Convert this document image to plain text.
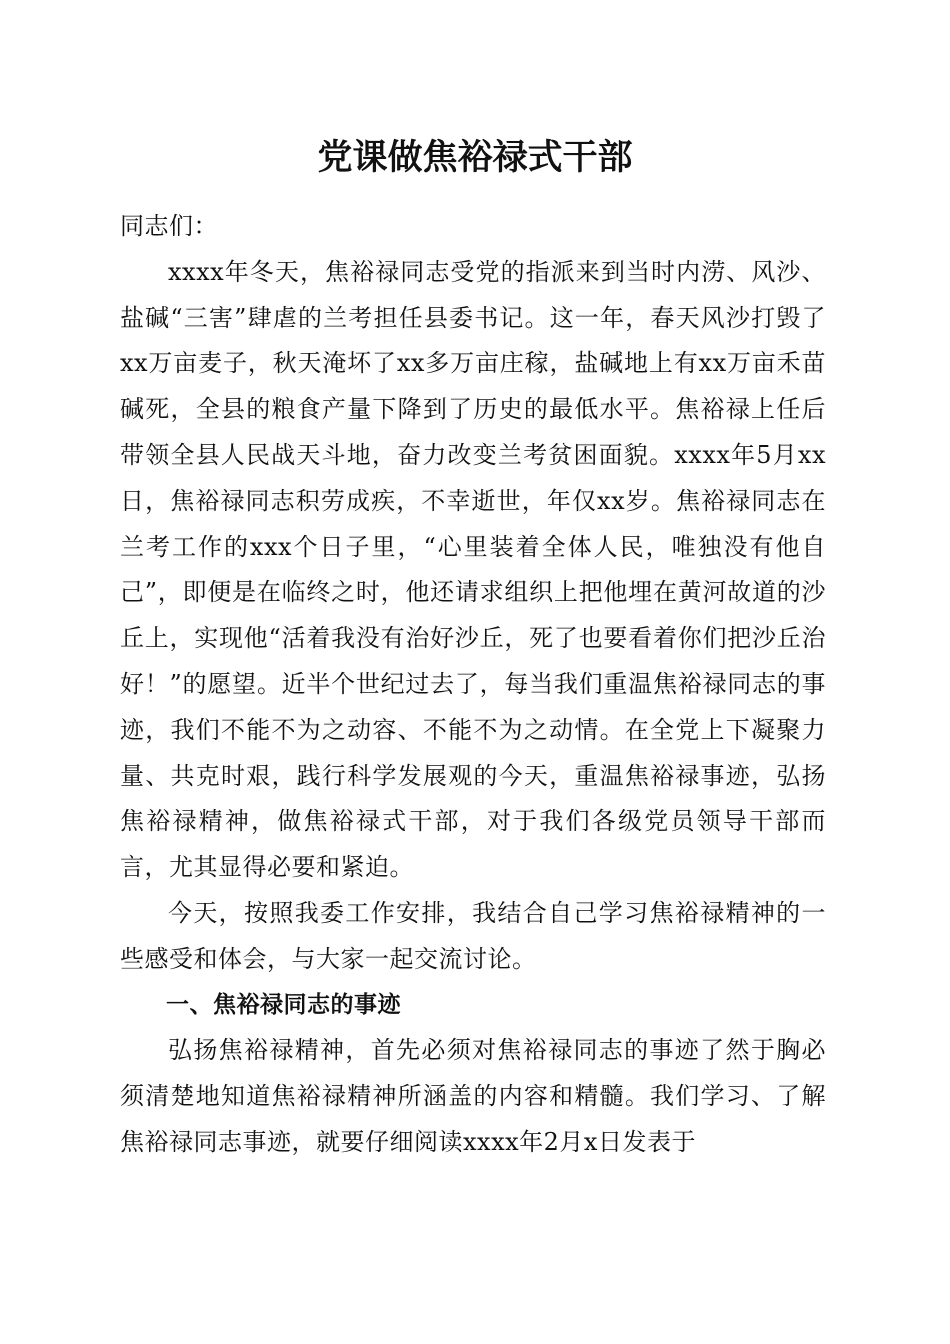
党课做焦裕禄式干部

同志们：

xxxx年冬天，焦裕禄同志受党的指派来到当时内涝、风沙、盐碱“三害”肆虐的兰考担任县委书记。这一年，春天风沙打毁了xx万亩麦子，秋天淹坏了xx多万亩庄稼，盐碱地上有xx万亩禾苗碱死，全县的粮食产量下降到了历史的最低水平。焦裕禄上任后带领全县人民战天斗地，奋力改变兰考贫困面貌。xxxx年5月xx日，焦裕禄同志积劳成疾，不幸逝世，年仅xx岁。焦裕禄同志在兰考工作的xxx个日子里，“心里装着全体人民，唯独没有他自己”，即便是在临终之时，他还请求组织上把他埋在黄河故道的沙丘上，实现他“活着我没有治好沙丘，死了也要看着你们把沙丘治好！”的愿望。近半个世纪过去了，每当我们重温焦裕禄同志的事迹，我们不能不为之动容、不能不为之动情。在全党上下凝聚力量、共克时艰，践行科学发展观的今天，重温焦裕禄事迹，弘扬焦裕禄精神，做焦裕禄式干部，对于我们各级党员领导干部而言，尤其显得必要和紧迫。

今天，按照我委工作安排，我结合自己学习焦裕禄精神的一些感受和体会，与大家一起交流讨论。

一、焦裕禄同志的事迹

弘扬焦裕禄精神，首先必须对焦裕禄同志的事迹了然于胸必须清楚地知道焦裕禄精神所涵盖的内容和精髓。我们学习、了解焦裕禄同志事迹，就要仔细阅读xxxx年2月x日发表于
